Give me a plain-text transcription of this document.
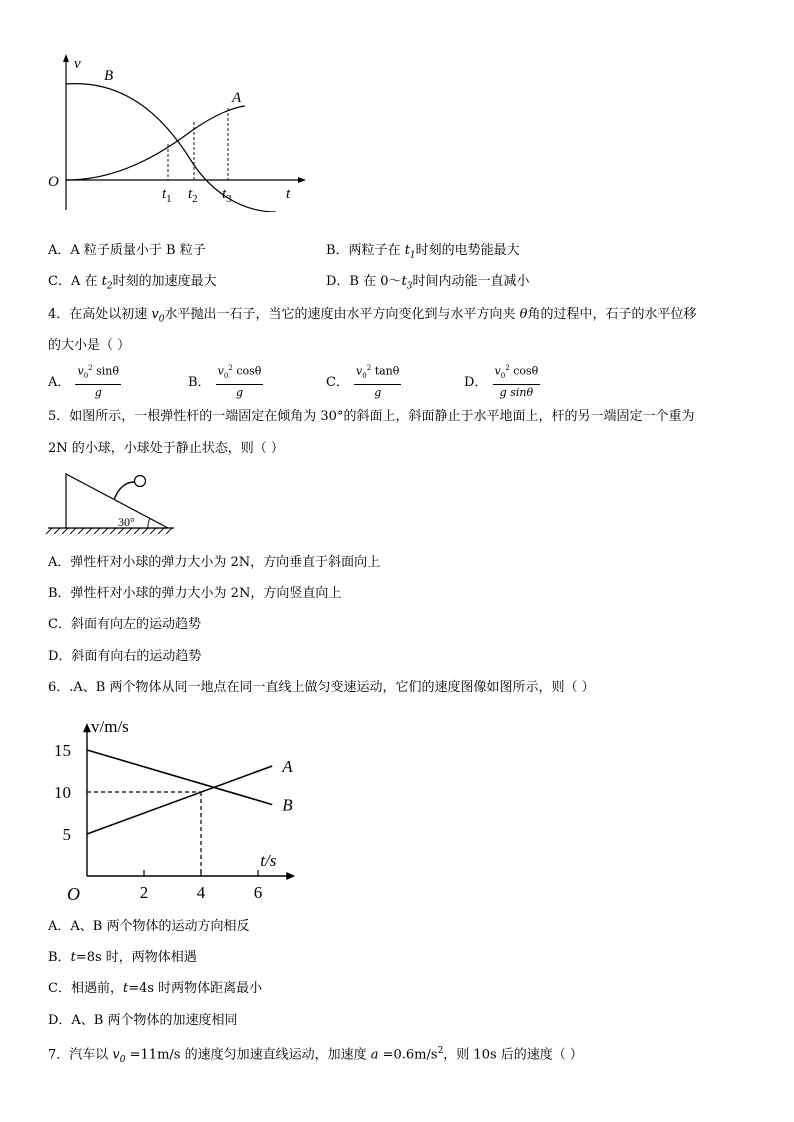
v
B
A
O
$t_1$ $t_2$ $t_3$	t
A．A 粒子质量小于 B 粒子	B．两粒子在 $t_1$时刻的电势能最大
C．A 在 $t_2$时刻的加速度最大	D．B 在 $0\sim t_3$时间内动能一直减小
4．在高处以初速 $v_0$水平抛出一石子，当它的速度由水平方向变化到与水平方向夹 θ角的过程中，石子的水平位移
的大小是（ ）
A． $\frac{v_0^2 \sin\theta}{g}$	B． $\frac{v_0^2 \cos\theta}{g}$	C． $\frac{v_0^2 \tan\theta}{g}$	D． $\frac{v_0^2 \cos\theta}{\text{g sinθ}}$
5．如图所示，一根弹性杆的一端固定在倾角为 30°的斜面上，斜面静止于水平地面上，杆的另一端固定一个重为
2N 的小球，小球处于静止状态，则（ ）
30°
A．弹性杆对小球的弹力大小为 2N，方向垂直于斜面向上
B．弹性杆对小球的弹力大小为 2N，方向竖直向上
C．斜面有向左的运动趋势
D．斜面有向右的运动趋势
6．.A、B 两个物体从同一地点在同一直线上做匀变速运动，它们的速度图像如图所示，则（ ）
2	4	6
5
10
15
v/m/s
t/s
O
A
B
A．A、B 两个物体的运动方向相反
B．t=8s 时，两物体相遇
C．相遇前，t=4s 时两物体距离最小
D．A、B 两个物体的加速度相同
7．汽车以 $v_0 =11m/s$ 的速度匀加速直线运动，加速度 $a =0.6m/s^2$，则 10s 后的速度（ ）
